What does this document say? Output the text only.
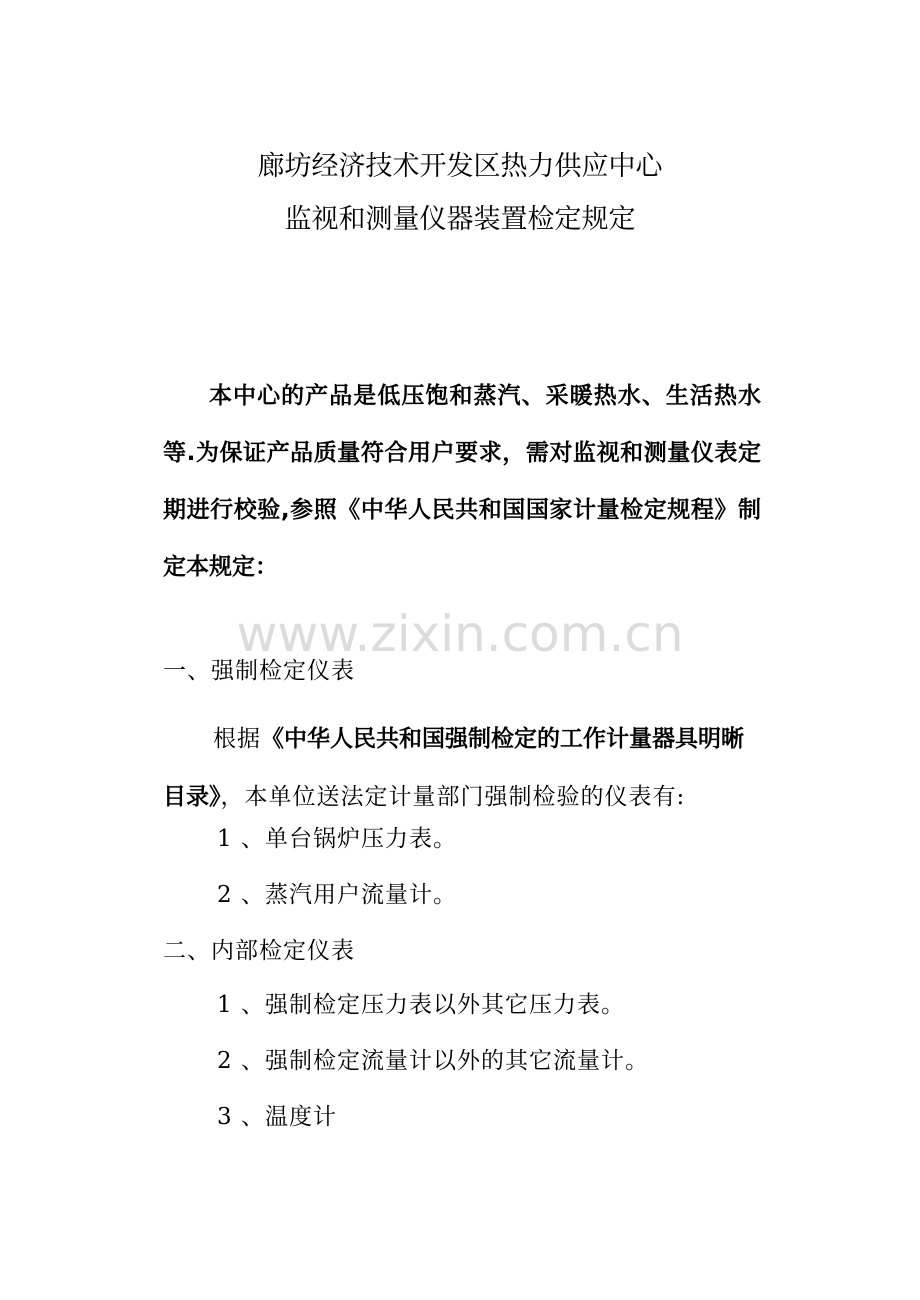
廊坊经济技术开发区热力供应中心
监视和测量仪器装置检定规定

本中心的产品是低压饱和蒸汽、采暖热水、生活热水等.为保证产品质量符合用户要求，需对监视和测量仪表定期进行校验,参照《中华人民共和国国家计量检定规程》制定本规定：

www.zixin.com.cn
一、强制检定仪表

根据《中华人民共和国强制检定的工作计量器具明晰目录》，本单位送法定计量部门强制检验的仪表有:

1 、单台锅炉压力表。
2 、蒸汽用户流量计。
二、内部检定仪表
1 、强制检定压力表以外其它压力表。
2 、强制检定流量计以外的其它流量计。
3 、温度计
